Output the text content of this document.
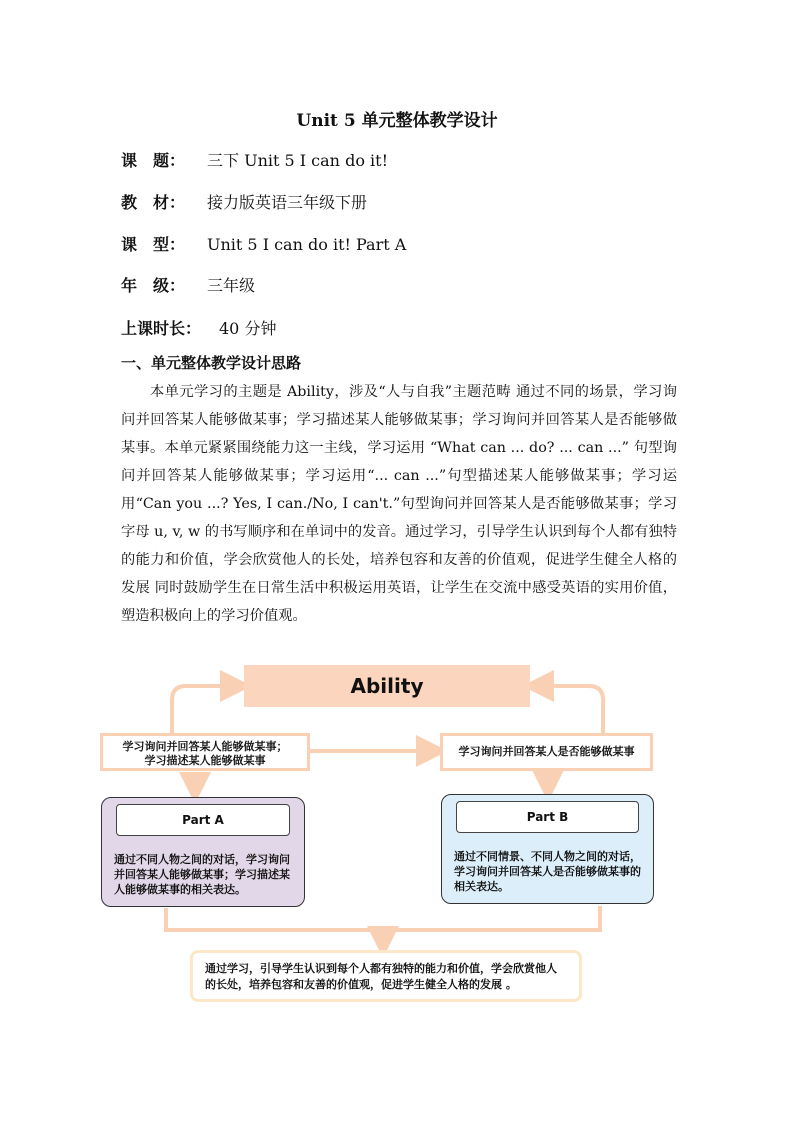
Unit 5 单元整体教学设计
课　题： 三下 Unit 5 I can do it!
教　材： 接力版英语三年级下册
课　型： Unit 5 I can do it! Part A
年　级： 三年级
上课时长： 40 分钟
一、单元整体教学设计思路
本单元学习的主题是 Ability，涉及“人与自我”主题范畴 通过不同的场景，学习询问并回答某人能够做某事；学习描述某人能够做某事；学习询问并回答某人是否能够做某事。本单元紧紧围绕能力这一主线，学习运用 “What can ... do? ... can ...” 句型询问并回答某人能够做某事；学习运用“... can ...”句型描述某人能够做某事；学习运用“Can you ...? Yes, I can./No, I can't.”句型询问并回答某人是否能够做某事；学习字母 u, v, w 的书写顺序和在单词中的发音。通过学习，引导学生认识到每个人都有独特的能力和价值，学会欣赏他人的长处，培养包容和友善的价值观，促进学生健全人格的发展 同时鼓励学生在日常生活中积极运用英语，让学生在交流中感受英语的实用价值，塑造积极向上的学习价值观。
Ability
学习询问并回答某人能够做某事；
学习描述某人能够做某事
学习询问并回答某人是否能够做某事
Part A
通过不同人物之间的对话，学习询问并回答某人能够做某事；学习描述某人能够做某事的相关表达。
Part B
通过不同情景、不同人物之间的对话，学习询问并回答某人是否能够做某事的相关表达。
通过学习，引导学生认识到每个人都有独特的能力和价值，学会欣赏他人的长处，培养包容和友善的价值观，促进学生健全人格的发展 。
